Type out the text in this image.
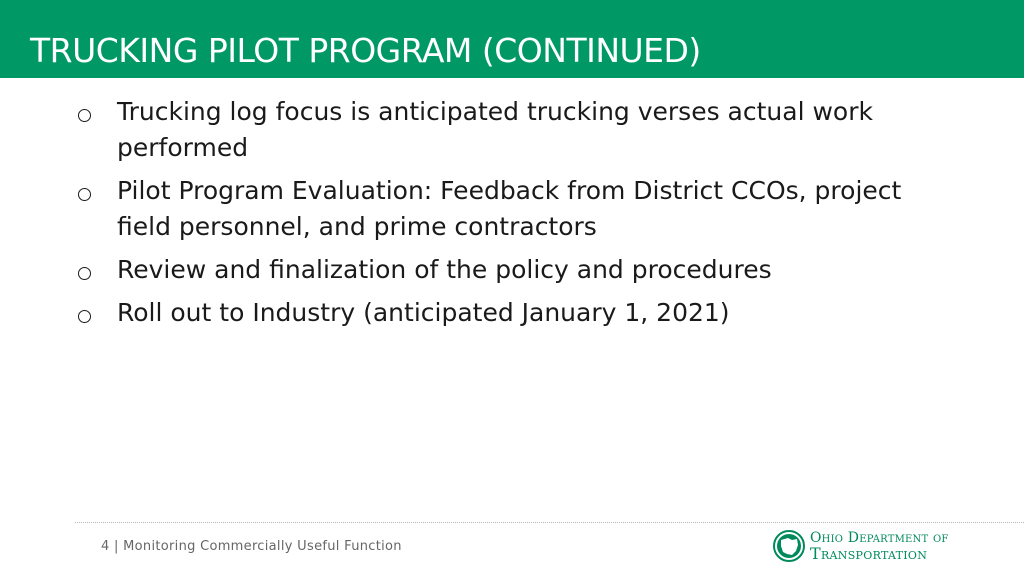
TRUCKING PILOT PROGRAM (CONTINUED)
Trucking log focus is anticipated trucking verses actual work performed
Pilot Program Evaluation: Feedback from District CCOs, project field personnel, and prime contractors
Review and finalization of the policy and procedures
Roll out to Industry (anticipated January 1, 2021)
4 | Monitoring Commercially Useful Function
Ohio Department of
Transportation
